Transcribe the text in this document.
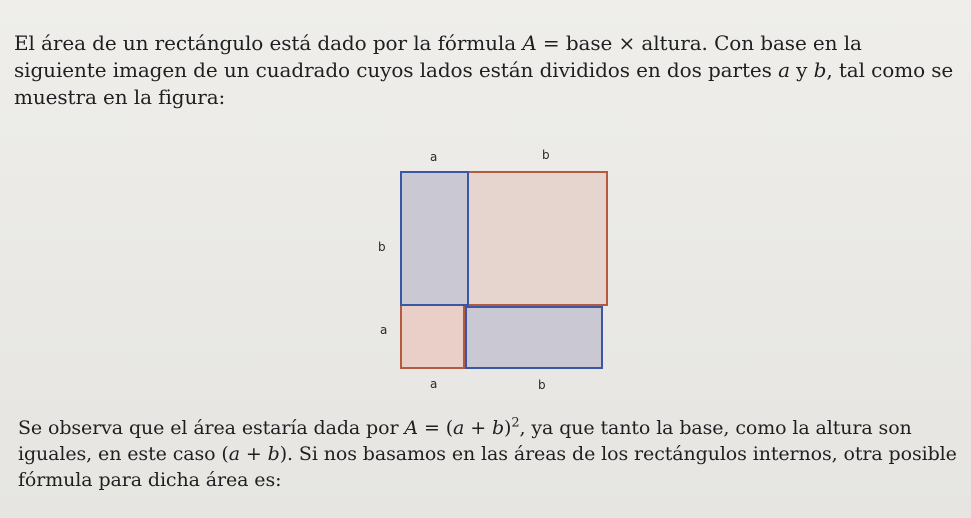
El área de un rectángulo está dado por la fórmula A = base × altura. Con base en la siguiente imagen de un cuadrado cuyos lados están divididos en dos partes a y b, tal como se muestra en la figura:
a	b
b
a
a	b
Se observa que el área estaría dada por $A = (a + b)^2$, ya que tanto la base, como la altura son iguales, en este caso (a + b). Si nos basamos en las áreas de los rectángulos internos, otra posible fórmula para dicha área es:
